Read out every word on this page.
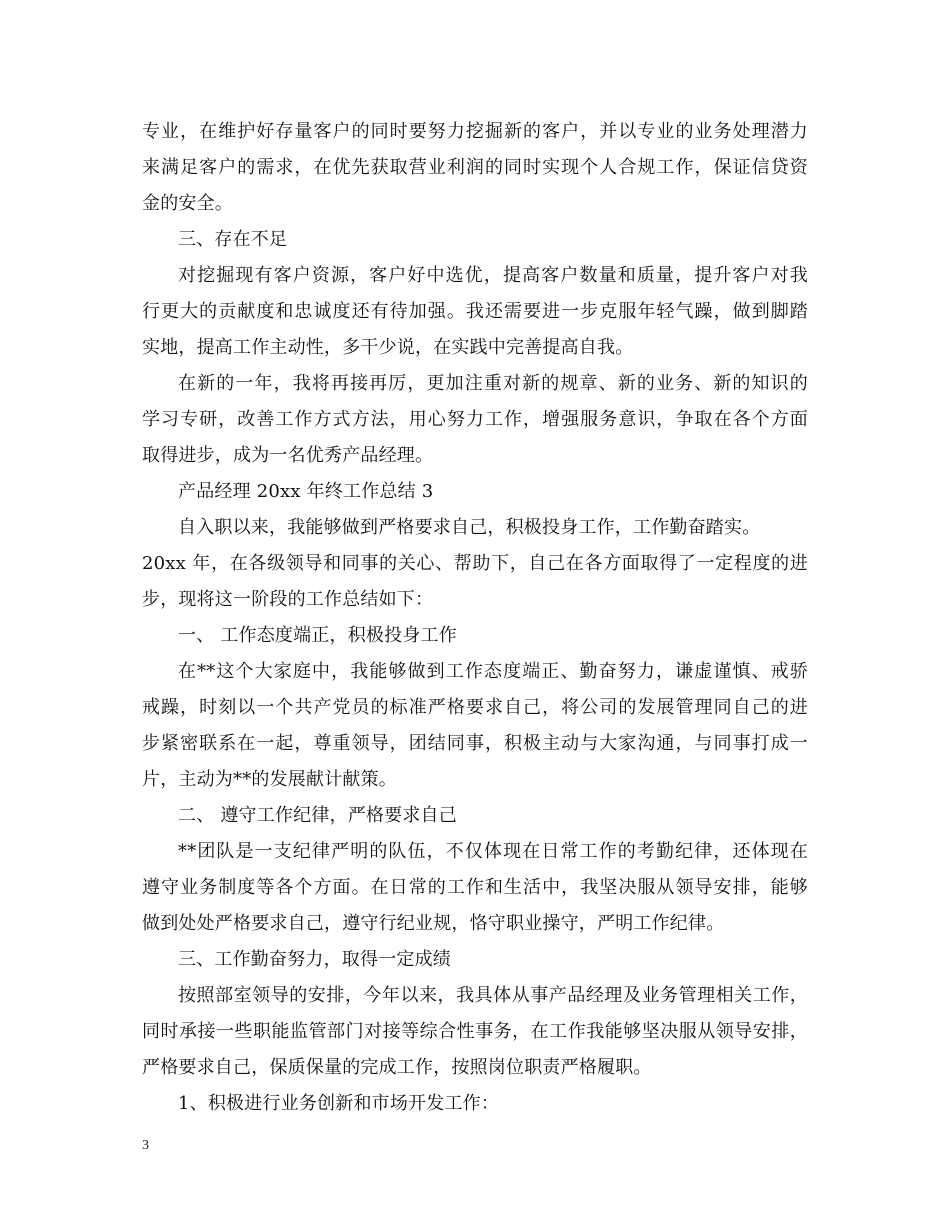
专业，在维护好存量客户的同时要努力挖掘新的客户，并以专业的业务处理潜力
来满足客户的需求，在优先获取营业利润的同时实现个人合规工作，保证信贷资
金的安全。
三、存在不足
对挖掘现有客户资源，客户好中选优，提高客户数量和质量，提升客户对我
行更大的贡献度和忠诚度还有待加强。我还需要进一步克服年轻气躁，做到脚踏
实地，提高工作主动性，多干少说，在实践中完善提高自我。
在新的一年，我将再接再厉，更加注重对新的规章、新的业务、新的知识的
学习专研，改善工作方式方法，用心努力工作，增强服务意识，争取在各个方面
取得进步，成为一名优秀产品经理。
产品经理 20xx 年终工作总结 3
自入职以来，我能够做到严格要求自己，积极投身工作，工作勤奋踏实。
20xx 年，在各级领导和同事的关心、帮助下，自己在各方面取得了一定程度的进
步，现将这一阶段的工作总结如下：
一、 工作态度端正，积极投身工作
在**这个大家庭中，我能够做到工作态度端正、勤奋努力，谦虚谨慎、戒骄
戒躁，时刻以一个共产党员的标准严格要求自己，将公司的发展管理同自己的进
步紧密联系在一起，尊重领导，团结同事，积极主动与大家沟通，与同事打成一
片，主动为**的发展献计献策。
二、 遵守工作纪律，严格要求自己
**团队是一支纪律严明的队伍，不仅体现在日常工作的考勤纪律，还体现在
遵守业务制度等各个方面。在日常的工作和生活中，我坚决服从领导安排，能够
做到处处严格要求自己，遵守行纪业规，恪守职业操守，严明工作纪律。
三、工作勤奋努力，取得一定成绩
按照部室领导的安排，今年以来，我具体从事产品经理及业务管理相关工作，
同时承接一些职能监管部门对接等综合性事务，在工作我能够坚决服从领导安排，
严格要求自己，保质保量的完成工作，按照岗位职责严格履职。
1、积极进行业务创新和市场开发工作：
3
